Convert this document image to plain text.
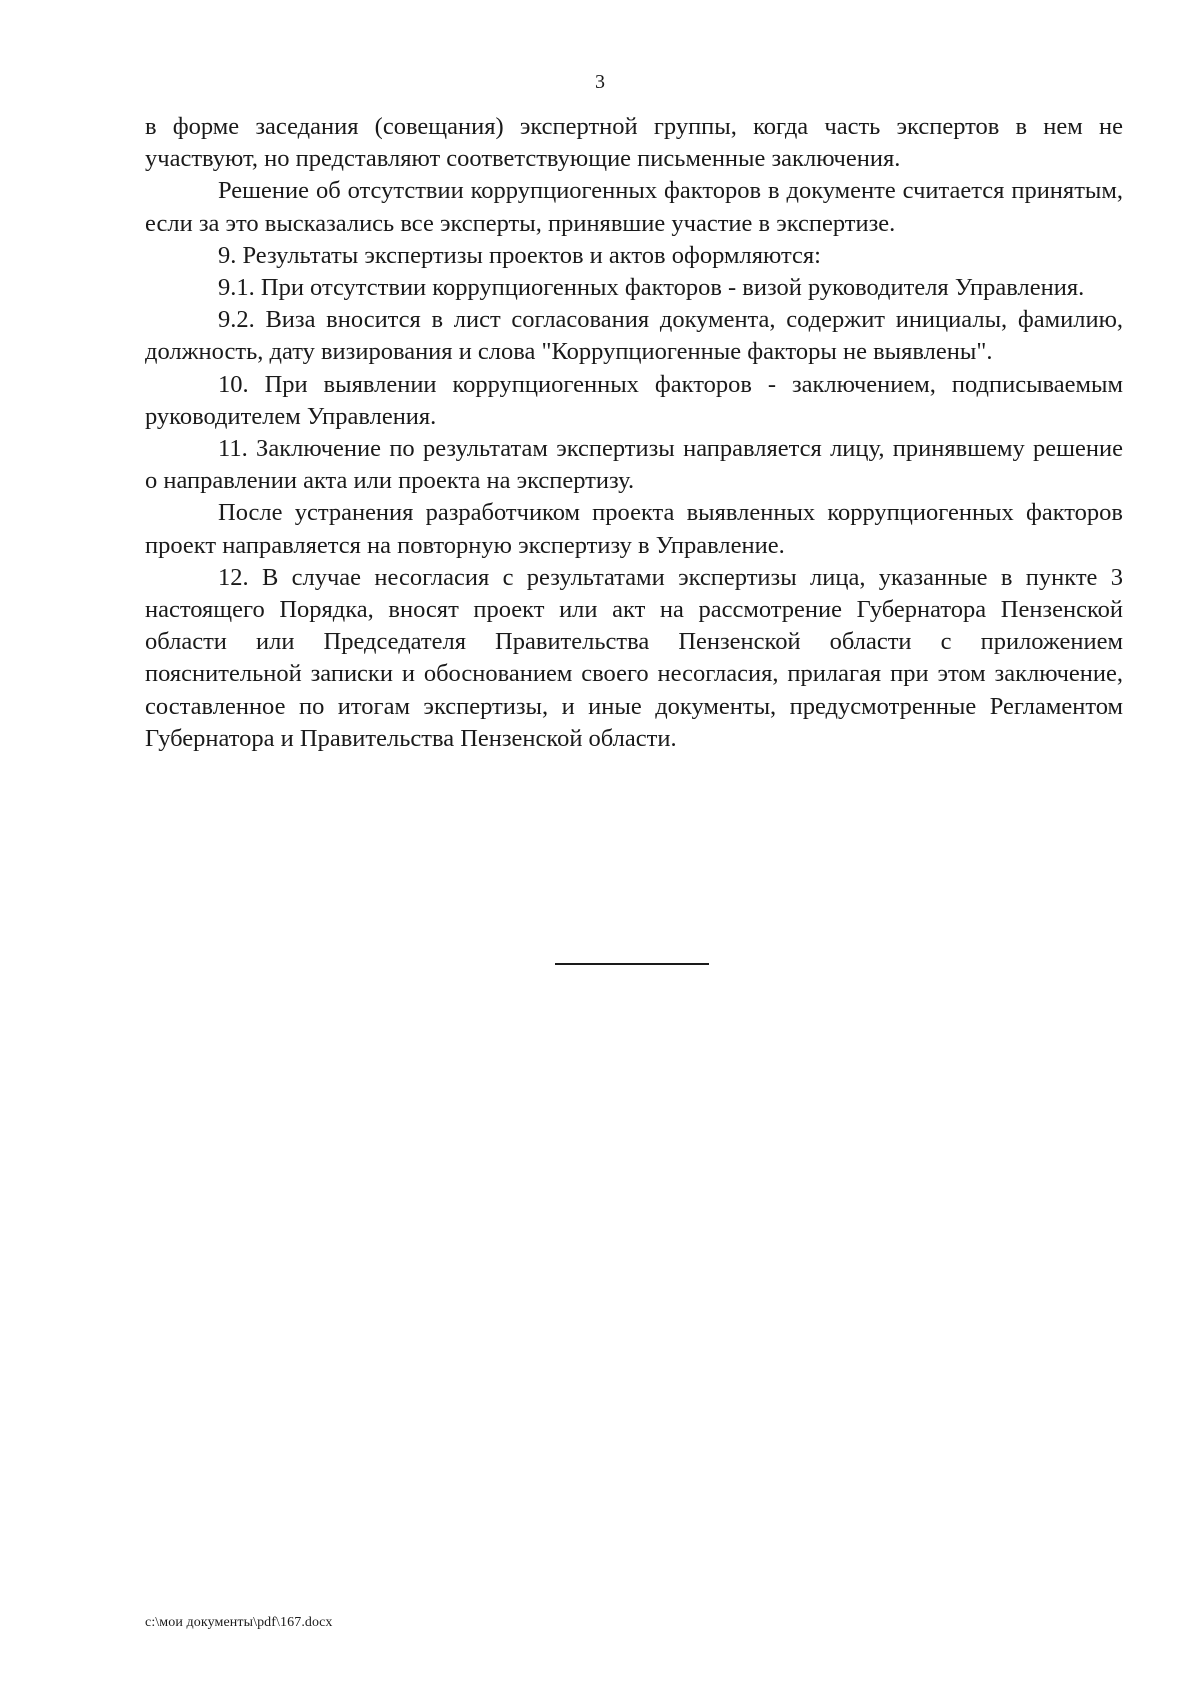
3

в форме заседания (совещания) экспертной группы, когда часть экспертов в нем не участвуют, но представляют соответствующие письменные заключения.

Решение об отсутствии коррупциогенных факторов в документе считается принятым, если за это высказались все эксперты, принявшие участие в экспертизе.

9. Результаты экспертизы проектов и актов оформляются:

9.1. При отсутствии коррупциогенных факторов - визой руководителя Управления.

9.2. Виза вносится в лист согласования документа, содержит инициалы, фамилию, должность, дату визирования и слова "Коррупциогенные факторы не выявлены".

10. При выявлении коррупциогенных факторов - заключением, подписываемым руководителем Управления.

11. Заключение по результатам экспертизы направляется лицу, принявшему решение о направлении акта или проекта на экспертизу.

После устранения разработчиком проекта выявленных коррупциогенных факторов проект направляется на повторную экспертизу в Управление.

12. В случае несогласия с результатами экспертизы лица, указанные в пункте 3 настоящего Порядка, вносят проект или акт на рассмотрение Губернатора Пензенской области или Председателя Правительства Пензенской области с приложением пояснительной записки и обоснованием своего несогласия, прилагая при этом заключение, составленное по итогам экспертизы, и иные документы, предусмотренные Регламентом Губернатора и Правительства Пензенской области.

c:\мои документы\pdf\167.docx
